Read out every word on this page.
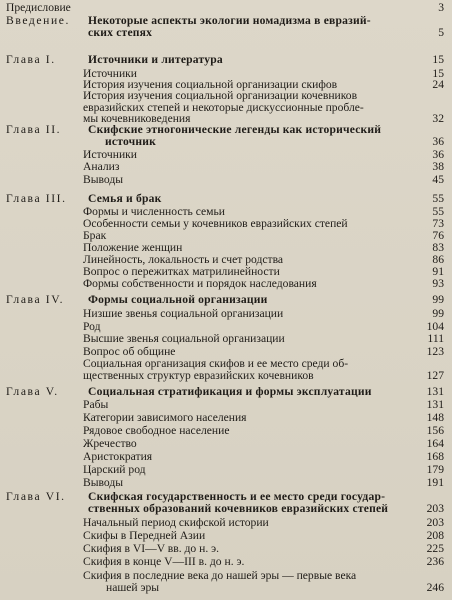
Предисловие	3
Введение. Некоторые аспекты экологии номадизма в евразий-
ских степях	5
Глава I.	Источники и литература	15
Источники	15
История изучения социальной организации скифов	24
История изучения социальной организации кочевников
евразийских степей и некоторые дискуссионные пробле-
мы кочевниковедения	32
Глава II. Скифские этногонические легенды как исторический
источник	36
Источники	36
Анализ	38
Выводы	45
Глава III. Семья и брак	55
Формы и численность семьи	55
Особенности семьи у кочевников евразийских степей	73
Брак	76
Положение женщин	83
Линейность, локальность и счет родства	86
Вопрос о пережитках матрилинейности	91
Формы собственности и порядок наследования	93
Глава IV. Формы социальной организации	99
Низшие звенья социальной организации	99
Род	104
Высшие звенья социальной организации	111
Вопрос об общине	123
Социальная организация скифов и ее место среди об-
щественных структур евразийских кочевников	127
Глава V.	Социальная стратификация и формы эксплуатации	131
Рабы	131
Категории зависимого населения	148
Рядовое свободное население	156
Жречество	164
Аристократия	168
Царский род	179
Выводы	191
Глава VI. Скифская государственность и ее место среди государ-
ственных образований кочевников евразийских степей	203
Начальный период скифской истории	203
Скифы в Передней Азии	208
Скифия в VI—V вв. до н. э.	225
Скифия в конце V—III в. до н. э.	236
Скифия в последние века до нашей эры — первые века
нашей эры	246
